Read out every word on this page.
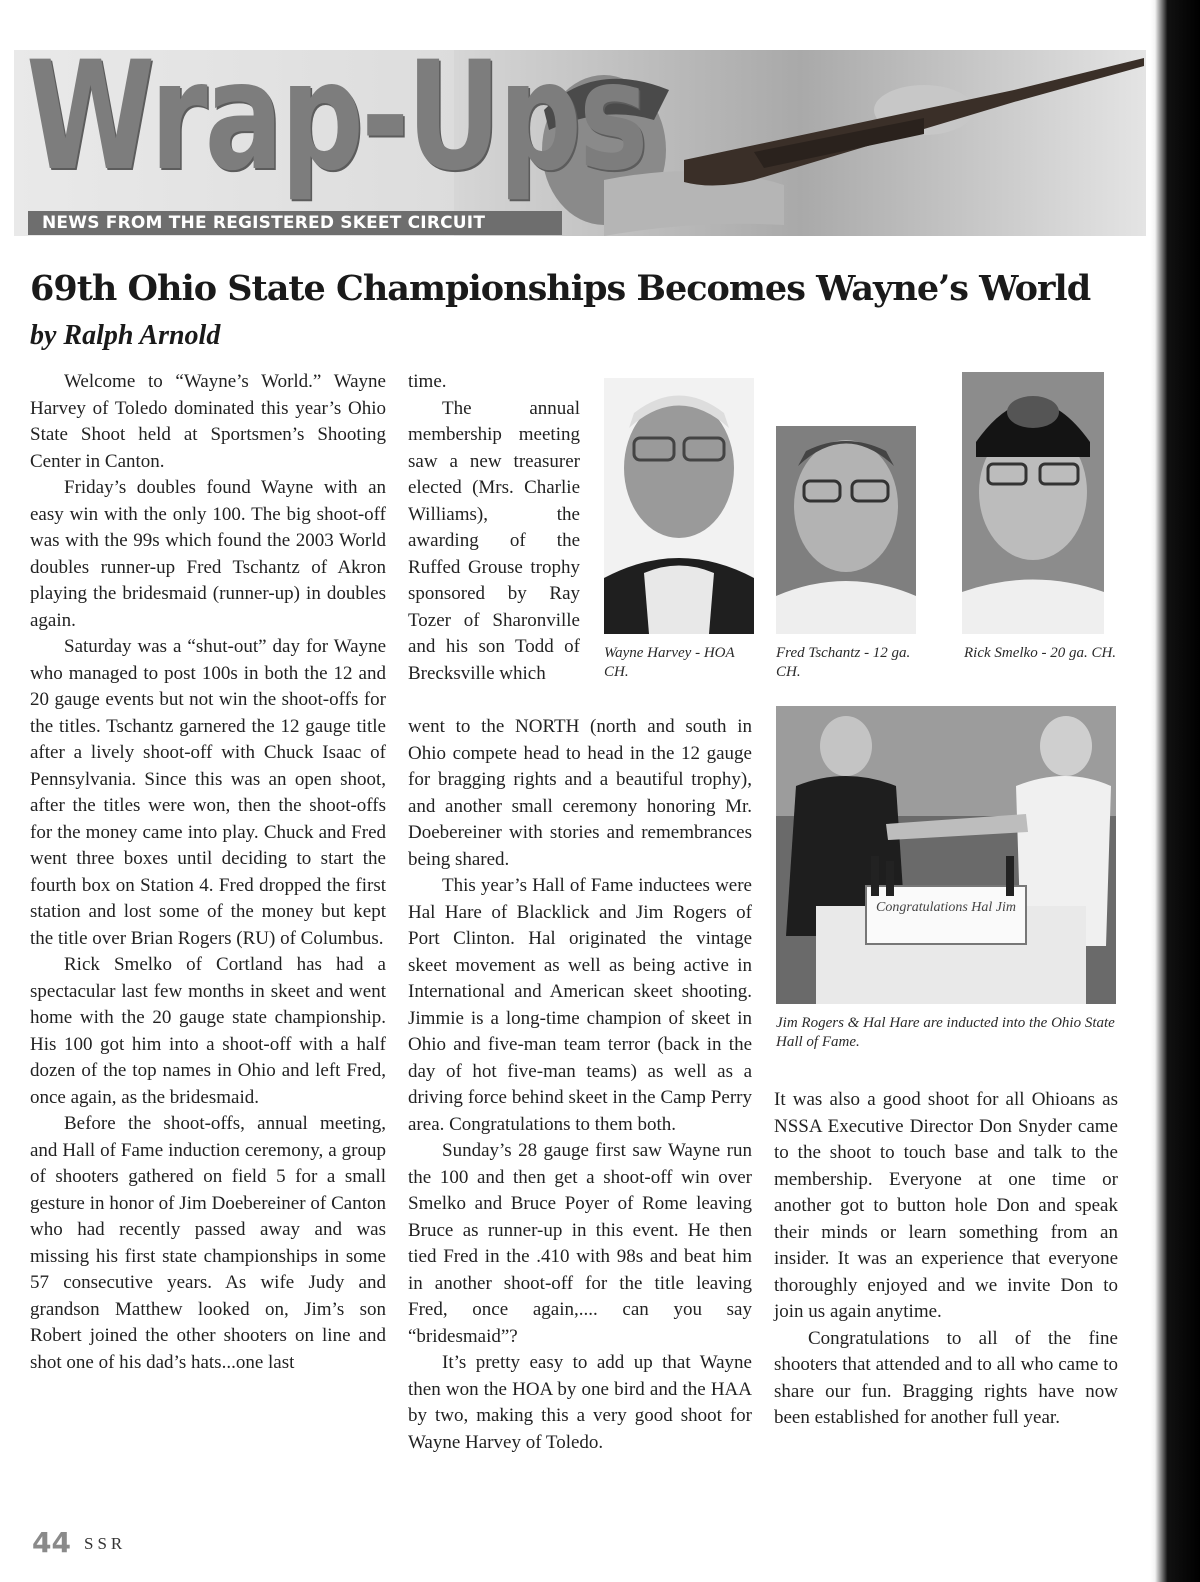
Wrap-Ups
NEWS FROM THE REGISTERED SKEET CIRCUIT
69th Ohio State Championships Becomes Wayne’s World
by Ralph Arnold

Welcome to “Wayne’s World.” Wayne Harvey of Toledo dominated this year’s Ohio State Shoot held at Sportsmen’s Shooting Center in Canton.

Friday’s doubles found Wayne with an easy win with the only 100. The big shoot-off was with the 99s which found the 2003 World doubles runner-up Fred Tschantz of Akron playing the bridesmaid (runner-up) in doubles again.

Saturday was a “shut-out” day for Wayne who managed to post 100s in both the 12 and 20 gauge events but not win the shoot-offs for the titles. Tschantz garnered the 12 gauge title after a lively shoot-off with Chuck Isaac of Pennsylvania. Since this was an open shoot, after the titles were won, then the shoot-offs for the money came into play. Chuck and Fred went three boxes until deciding to start the fourth box on Station 4. Fred dropped the first station and lost some of the money but kept the title over Brian Rogers (RU) of Columbus.

Rick Smelko of Cortland has had a spectacular last few months in skeet and went home with the 20 gauge state championship. His 100 got him into a shoot-off with a half dozen of the top names in Ohio and left Fred, once again, as the bridesmaid.

Before the shoot-offs, annual meeting, and Hall of Fame induction ceremony, a group of shooters gathered on field 5 for a small gesture in honor of Jim Doebereiner of Canton who had recently passed away and was missing his first state championships in some 57 consecutive years. As wife Judy and grandson Matthew looked on, Jim’s son Robert joined the other shooters on line and shot one of his dad’s hats...one last

time.

The annual membership meeting saw a new treasurer elected (Mrs. Charlie Williams), the awarding of the Ruffed Grouse trophy sponsored by Ray Tozer of Sharonville and his son Todd of Brecksville which

went to the NORTH (north and south in Ohio compete head to head in the 12 gauge for bragging rights and a beautiful trophy), and another small ceremony honoring Mr. Doebereiner with stories and remembrances being shared.

This year’s Hall of Fame inductees were Hal Hare of Blacklick and Jim Rogers of Port Clinton. Hal originated the vintage skeet movement as well as being active in International and American skeet shooting. Jimmie is a long-time champion of skeet in Ohio and five-man team terror (back in the day of hot five-man teams) as well as a driving force behind skeet in the Camp Perry area. Congratulations to them both.

Sunday’s 28 gauge first saw Wayne run the 100 and then get a shoot-off win over Smelko and Bruce Poyer of Rome leaving Bruce as runner-up in this event. He then tied Fred in the .410 with 98s and beat him in another shoot-off for the title leaving Fred, once again,.... can you say “bridesmaid”?

It’s pretty easy to add up that Wayne then won the HOA by one bird and the HAA by two, making this a very good shoot for Wayne Harvey of Toledo.

It was also a good shoot for all Ohioans as NSSA Executive Director Don Snyder came to the shoot to touch base and talk to the membership. Everyone at one time or another got to button hole Don and speak their minds or learn something from an insider. It was an experience that everyone thoroughly enjoyed and we invite Don to join us again anytime.

Congratulations to all of the fine shooters that attended and to all who came to share our fun. Bragging rights have now been established for another full year.

Wayne Harvey - HOA CH.
Fred Tschantz - 12 ga. CH.
Rick Smelko - 20 ga. CH.
Congratulations Hal Jim
Jim Rogers & Hal Hare are inducted into the Ohio State Hall of Fame.
44 SSR
